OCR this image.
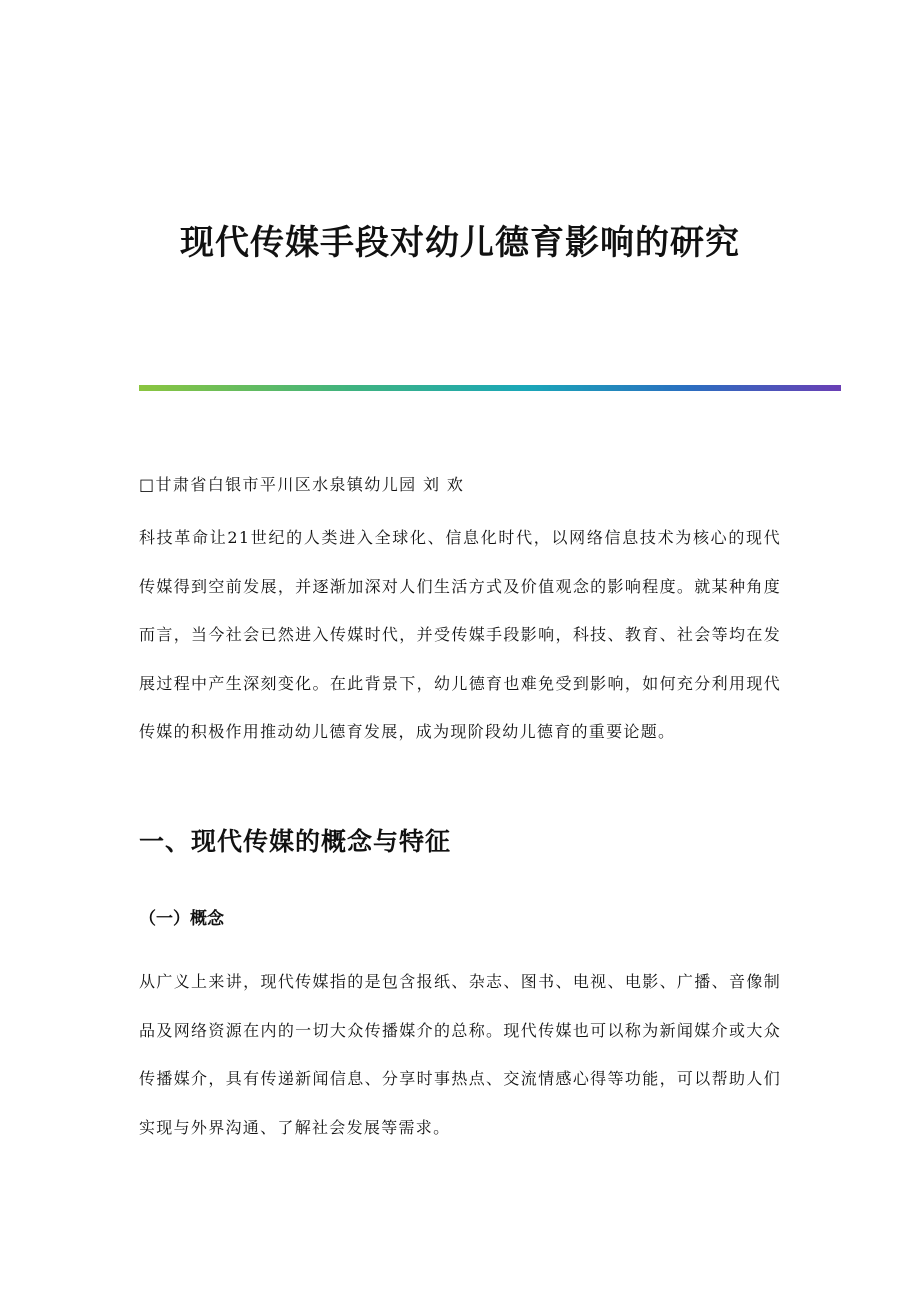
现代传媒手段对幼儿德育影响的研究
□甘肃省白银市平川区水泉镇幼儿园 刘 欢

科技革命让21世纪的人类进入全球化、信息化时代，以网络信息技术为核心的现代传媒得到空前发展，并逐渐加深对人们生活方式及价值观念的影响程度。就某种角度而言，当今社会已然进入传媒时代，并受传媒手段影响，科技、教育、社会等均在发展过程中产生深刻变化。在此背景下，幼儿德育也难免受到影响，如何充分利用现代传媒的积极作用推动幼儿德育发展，成为现阶段幼儿德育的重要论题。

一、现代传媒的概念与特征
（一）概念

从广义上来讲，现代传媒指的是包含报纸、杂志、图书、电视、电影、广播、音像制品及网络资源在内的一切大众传播媒介的总称。现代传媒也可以称为新闻媒介或大众传播媒介，具有传递新闻信息、分享时事热点、交流情感心得等功能，可以帮助人们实现与外界沟通、了解社会发展等需求。
